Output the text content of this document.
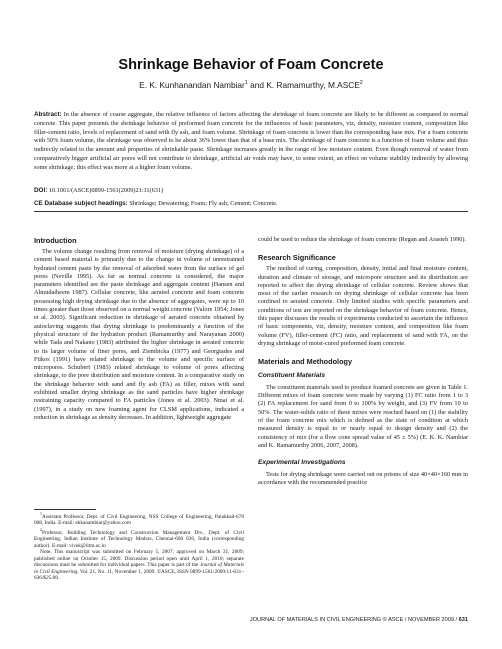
Shrinkage Behavior of Foam Concrete
E. K. Kunhanandan Nambiar$^1$ and K. Ramamurthy, M.ASCE$^2$

Abstract: In the absence of coarse aggregate, the relative influence of factors affecting the shrinkage of foam concrete are likely to be different as compared to normal concrete. This paper presents the shrinkage behavior of preformed foam concrete for the influences of basic parameters, viz, density, moisture content, composition like filler-cement ratio, levels of replacement of sand with fly ash, and foam volume. Shrinkage of foam concrete is lower than the corresponding base mix. For a foam concrete with 50% foam volume, the shrinkage was observed to be about 36% lower than that of a base mix. The shrinkage of foam concrete is a function of foam volume and thus indirectly related to the amount and properties of shrinkable paste. Shrinkage increases greatly in the range of low moisture content. Even though removal of water from comparatively bigger artificial air pores will not contribute to shrinkage, artificial air voids may have, to some extent, an effect on volume stability indirectly by allowing some shrinkage; this effect was more at a higher foam volume.

DOI: 10.1061/(ASCE)0899-1561(2009)21:11(631)

CE Database subject headings: Shrinkage; Dewatering; Foam; Fly ash; Cement; Concrete.

Introduction

The volume change resulting from removal of moisture (drying shrinkage) of a cement based material is primarily due to the change in volume of unrestrained hydrated cement paste by the removal of adsorbed water from the surface of gel pores (Neville 1995). As far as normal concrete is considered, the major parameters identified are the paste shrinkage and aggregate content (Hansen and Almudaiheem 1987). Cellular concrete, like aerated concrete and foam concrete possessing high drying shrinkage due to the absence of aggregates, were up to 10 times greater than those observed on a normal weight concrete (Valore 1954; Jones et al. 2003). Significant reduction in shrinkage of aerated concrete obtained by autoclaving suggests that drying shrinkage is predominantly a function of the physical structure of the hydration product (Ramamurthy and Narayanan 2000) while Tada and Nakano (1983) attributed the higher shrinkage in aerated concrete to its larger volume of finer pores, and Ziembicka (1977) and Georgiades and Ftikos (1991) have related shrinkage to the volume and specific surface of micropores. Schubert (1983) related shrinkage to volume of pores affecting shrinkage, to the pore distribution and moisture content. In a comparative study on the shrinkage behavior with sand and fly ash (FA) as filler, mixes with sand exhibited smaller drying shrinkage as the sand particles have higher shrinkage restraining capacity compared to FA particles (Jones et al. 2003). Nmai et al. (1997), in a study on new foaming agent for CLSM applications, indicated a reduction in shrinkage as density decreases. In addition, lightweight aggregate

$^1$Assistant Professor, Dept. of Civil Engineering, NSS College of Engineering, Palakkad-678 008, India. E-mail: ekkanambiar@yahoo.com

$^2$Professor, Building Technology and Construction Management Div., Dept. of Civil Engineering, Indian Institute of Technology Madras, Chennai-600 036, India (corresponding author). E-mail: vivek@iitm.ac.in

Note. This manuscript was submitted on February 5, 2007; approved on March 31, 2009; published online on October 15, 2009. Discussion period open until April 1, 2010; separate discussions must be submitted for individual papers. This paper is part of the Journal of Materials in Civil Engineering, Vol. 21, No. 11, November 1, 2009. ©ASCE, ISSN 0899-1561/2009/11-631–636/$25.00.

could be used to reduce the shrinkage of foam concrete (Regan and Arasteh 1990).

Research Significance

The method of curing, composition, density, initial and final moisture content, duration and climate of storage, and micropore structure and its distribution are reported to affect the drying shrinkage of cellular concrete. Review shows that most of the earlier research on drying shrinkage of cellular concrete has been confined to aerated concrete. Only limited studies with specific parameters and conditions of test are reported on the shrinkage behavior of foam concrete. Hence, this paper discusses the results of experiments conducted to ascertain the influence of basic components, viz, density, moisture content, and composition like foam volume (FV), filler-cement (FC) ratio, and replacement of sand with FA, on the drying shrinkage of moist-cured preformed foam concrete.

Materials and Methodology
Constituent Materials

The constituent materials used to produce foamed concrete are given in Table 1. Different mixes of foam concrete were made by varying (1) FC ratio from 1 to 3 (2) FA replacement for sand from 0 to 100% by weight, and (3) FV from 10 to 50%. The water-solids ratio of these mixes were reached based on (1) the stability of the foam concrete mix which is defined as the state of condition at which measured density is equal to or nearly equal to design density and (2) the consistency of mix (for a flow cone spread value of 45 ± 5%) (E. K. K. Nambiar and K. Ramamurthy 2006, 2007, 2008).

Experimental Investigations

Tests for drying shrinkage were carried out on prisms of size 40×40×160 mm in accordance with the recommended practice

JOURNAL OF MATERIALS IN CIVIL ENGINEERING © ASCE / NOVEMBER 2009 / 631
